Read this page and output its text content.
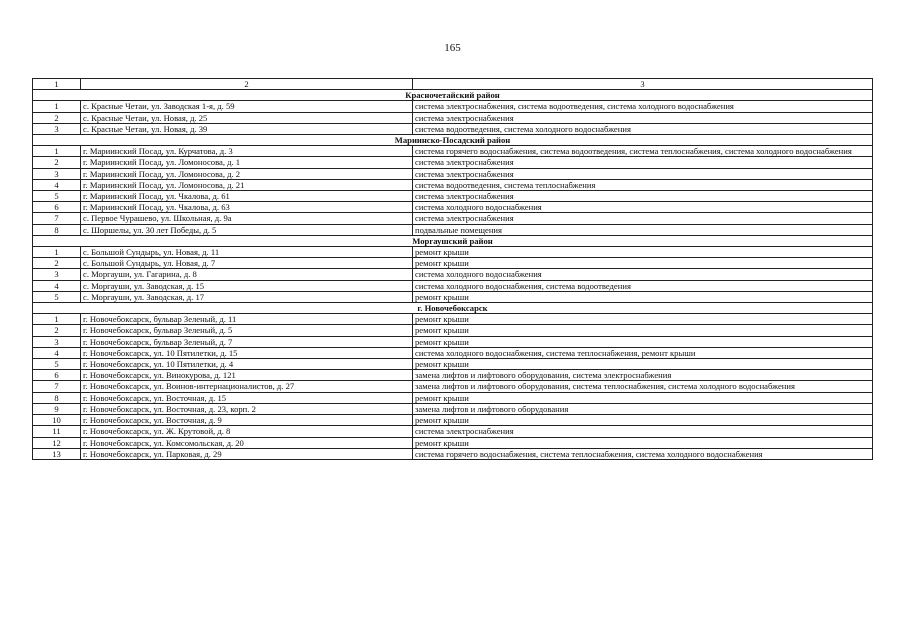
165
1	2	3
Красночетайский район		
1	с. Красные Четаи, ул. Заводская 1-я, д. 59	система электроснабжения, система водоотведения, система холодного водоснабжения
2	с. Красные Четаи, ул. Новая, д. 25	система электроснабжения
3	с. Красные Четаи, ул. Новая, д. 39	система водоотведения, система холодного водоснабжения
Мариинско-Посадский район		
1	г. Мариинский Посад, ул. Курчатова, д. 3	система горячего водоснабжения, система водоотведения, система теплоснабжения, система холодного водоснабжения
2	г. Мариинский Посад, ул. Ломоносова, д. 1	система электроснабжения
3	г. Мариинский Посад, ул. Ломоносова, д. 2	система электроснабжения
4	г. Мариинский Посад, ул. Ломоносова, д. 21	система водоотведения, система теплоснабжения
5	г. Мариинский Посад, ул. Чкалова, д. 61	система электроснабжения
6	г. Мариинский Посад, ул. Чкалова, д. 63	система холодного водоснабжения
7	с. Первое Чурашево, ул. Школьная, д. 9а	система электроснабжения
8	с. Шоршелы, ул. 30 лет Победы, д. 5	подвальные помещения
Моргаушский район		
1	с. Большой Сундырь, ул. Новая, д. 11	ремонт крыши
2	с. Большой Сундырь, ул. Новая, д. 7	ремонт крыши
3	с. Моргауши, ул. Гагарина, д. 8	система холодного водоснабжения
4	с. Моргауши, ул. Заводская, д. 15	система холодного водоснабжения, система водоотведения
5	с. Моргауши, ул. Заводская, д. 17	ремонт крыши
г. Новочебоксарск		
1	г. Новочебоксарск, бульвар Зеленый, д. 11	ремонт крыши
2	г. Новочебоксарск, бульвар Зеленый, д. 5	ремонт крыши
3	г. Новочебоксарск, бульвар Зеленый, д. 7	ремонт крыши
4	г. Новочебоксарск, ул. 10 Пятилетки, д. 15	система холодного водоснабжения, система теплоснабжения, ремонт крыши
5	г. Новочебоксарск, ул. 10 Пятилетки, д. 4	ремонт крыши
6	г. Новочебоксарск, ул. Винокурова, д. 121	замена лифтов и лифтового оборудования, система электроснабжения
7	г. Новочебоксарск, ул. Воинов-интернационалистов, д. 27	замена лифтов и лифтового оборудования, система теплоснабжения, система холодного водоснабжения
8	г. Новочебоксарск, ул. Восточная, д. 15	ремонт крыши
9	г. Новочебоксарск, ул. Восточная, д. 23, корп. 2	замена лифтов и лифтового оборудования
10	г. Новочебоксарск, ул. Восточная, д. 9	ремонт крыши
11	г. Новочебоксарск, ул. Ж. Крутовой, д. 8	система электроснабжения
12	г. Новочебоксарск, ул. Комсомольская, д. 20	ремонт крыши
13	г. Новочебоксарск, ул. Парковая, д. 29	система горячего водоснабжения, система теплоснабжения, система холодного водоснабжения
